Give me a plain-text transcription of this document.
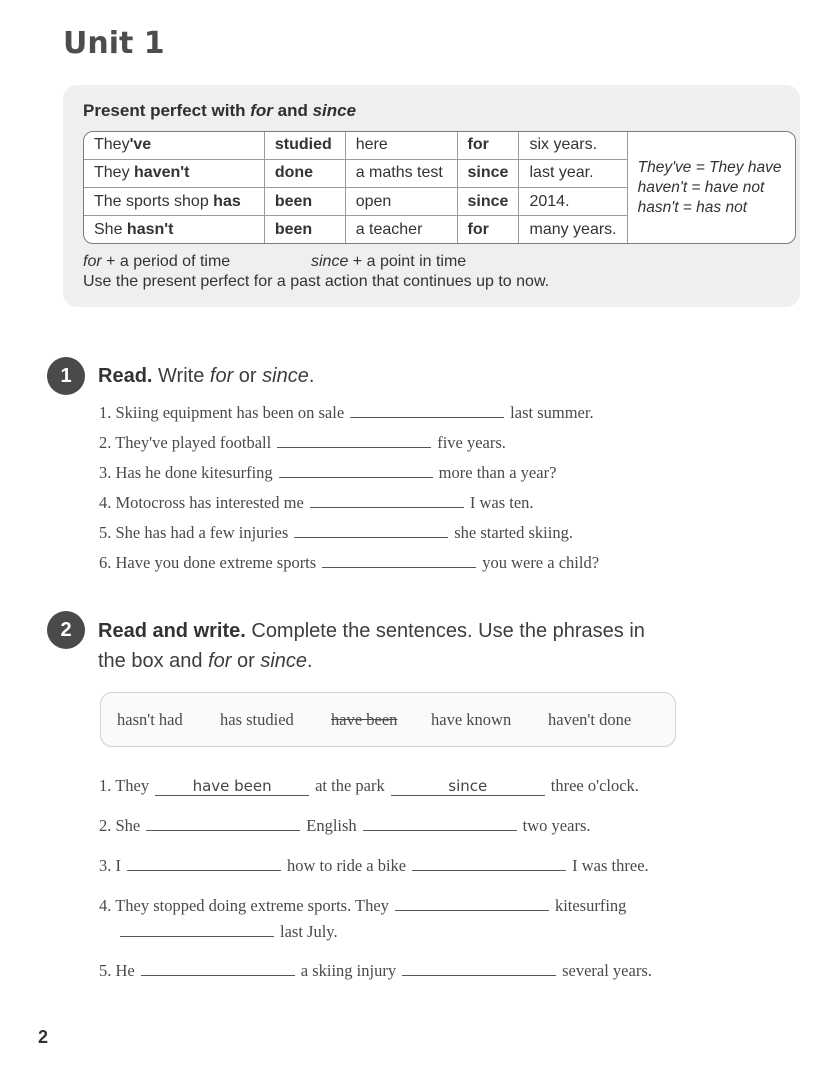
Unit 1
Present perfect with for and since
They've	studied	here	for	six years.	They've = They have
haven't = have not
hasn't = has not

They haven't	done	a maths test	since	last year.	
The sports shop has	been	open	since	2014.	
She hasn't	been	a teacher	for	many years.	
for + a period of time	since + a point in time
Use the present perfect for a past action that continues up to now.
1	Read. Write for or since.
1. Skiing equipment has been on sale	last summer.
2. They've played football	five years.
3. Has he done kitesurfing	more than a year?
4. Motocross has interested me	I was ten.
5. She has had a few injuries	she started skiing.
6. Have you done extreme sports	you were a child?
2	Read and write. Complete the sentences. Use the phrases in
the box and for or since.
hasn't had has studied have been have known haven't done
1. They	have been	at the park	since	three o'clock.
2. She	English	two years.
3. I	how to ride a bike	I was three.
4. They stopped doing extreme sports. They	kitesurfing
last July.
5. He	a skiing injury	several years.
2
